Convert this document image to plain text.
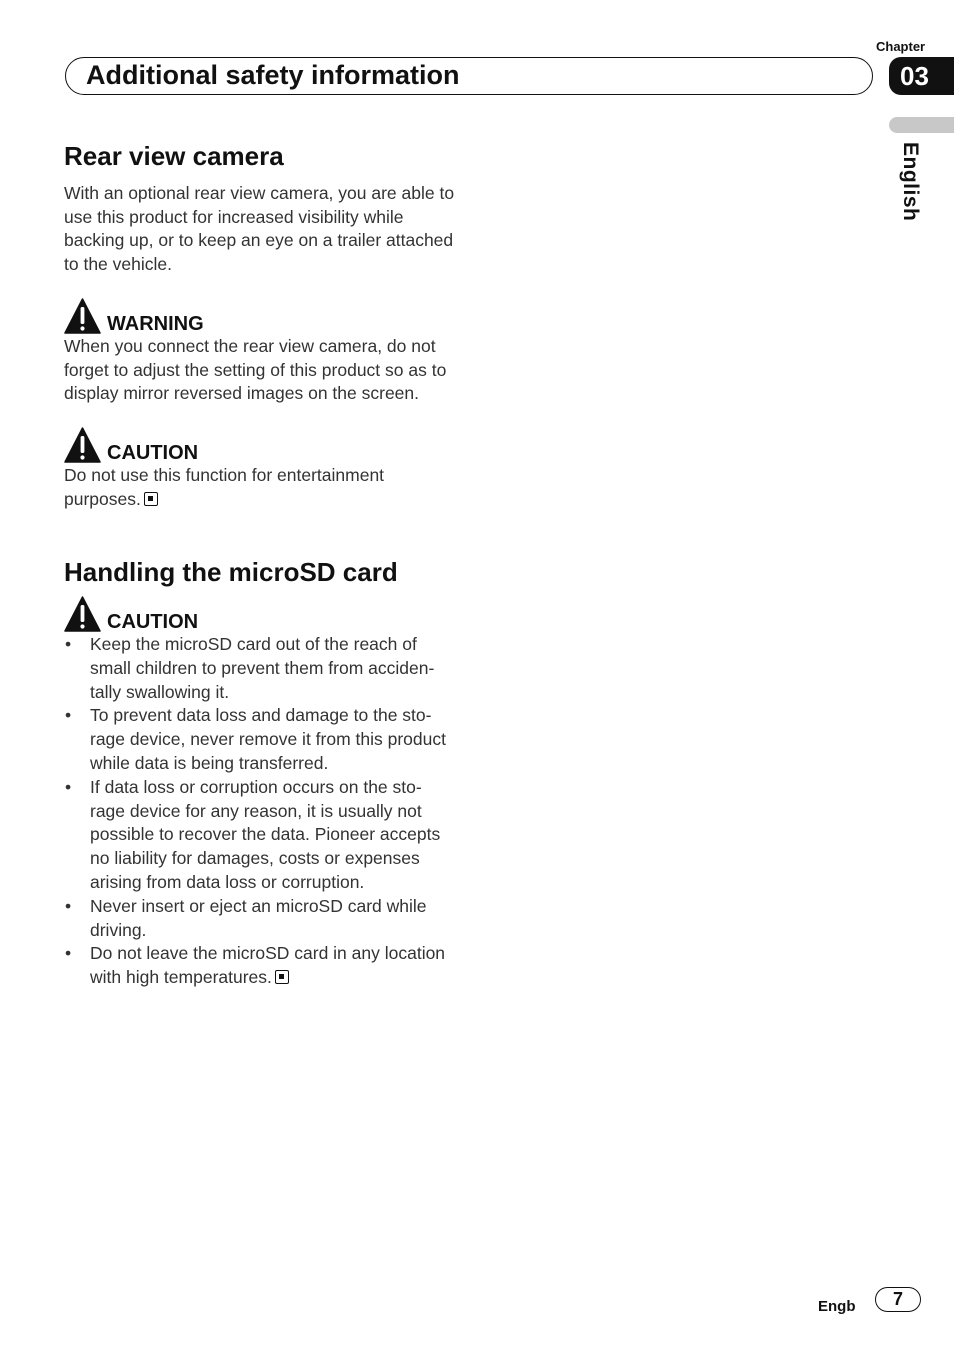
Chapter
Additional safety information	03
English
Rear view camera

With an optional rear view camera, you are able to use this product for increased visibility while backing up, or to keep an eye on a trailer attached to the vehicle.

WARNING

When you connect the rear view camera, do not forget to adjust the setting of this product so as to display mirror reversed images on the screen.

CAUTION

Do not use this function for entertainment purposes.

Handling the microSD card
CAUTION
• Keep the microSD card out of the reach of small children to prevent them from acciden-tally swallowing it.
• To prevent data loss and damage to the sto-rage device, never remove it from this product while data is being transferred.
• If data loss or corruption occurs on the sto-rage device for any reason, it is usually not possible to recover the data. Pioneer accepts no liability for damages, costs or expenses arising from data loss or corruption.
• Never insert or eject an microSD card while driving.
• Do not leave the microSD card in any location with high temperatures.
Engb	7
